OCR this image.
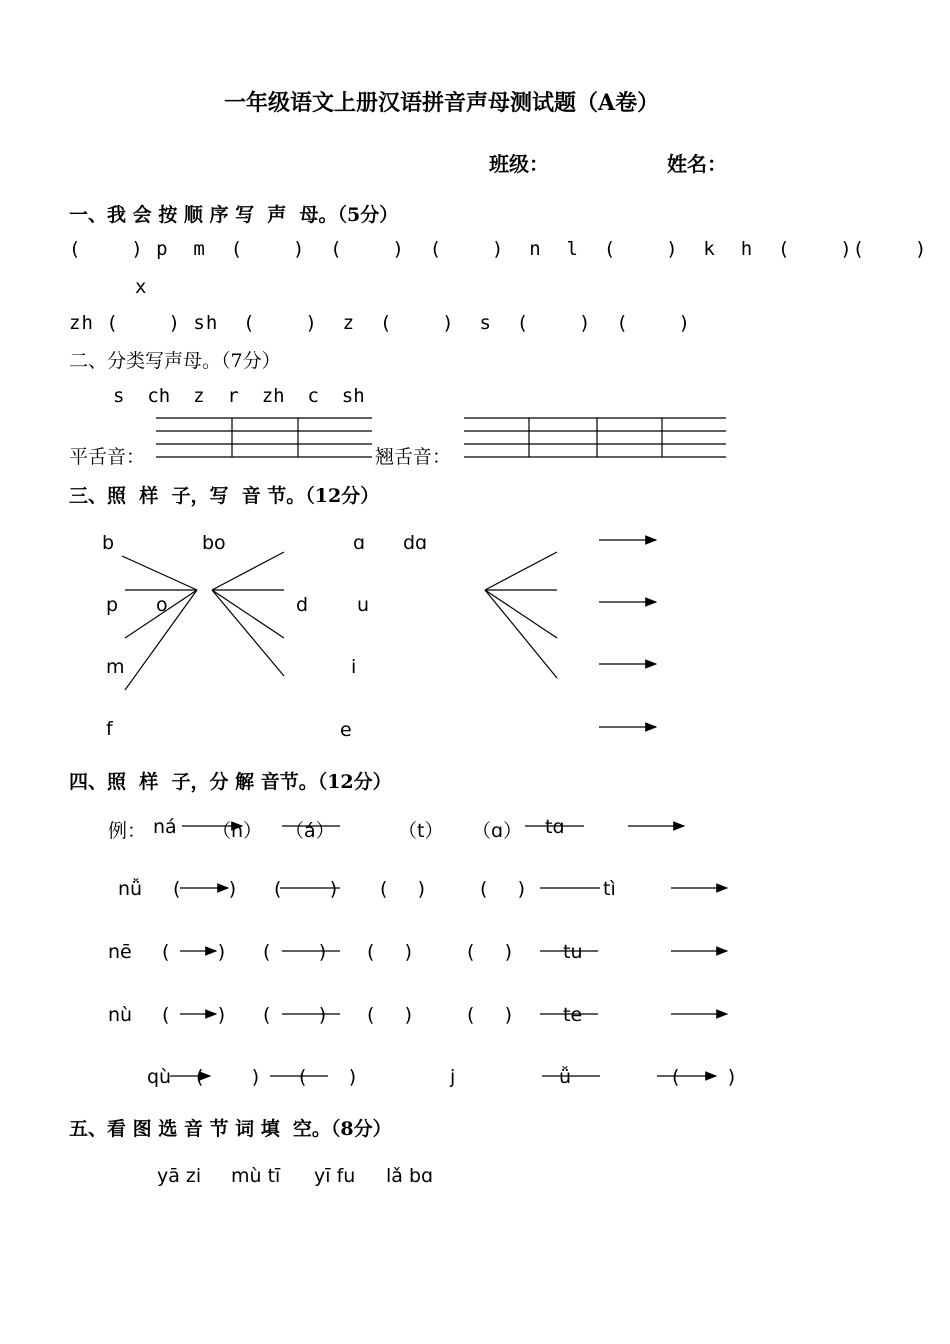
一年级语文上册汉语拼音声母测试题（A卷）
班级：	姓名：
一、我 会 按 顺 序 写  声  母。（5分）
(    ) p  m  (    )  (    )  (    )  n  l  (    )  k  h  (    )(    )
x
zh (    ) sh  (    )  z  (    )  s  (    )  (    )
二、分类写声母。（7分）
s  ch  z  r  zh  c  sh
平舌音：	翘舌音：
三、照  样  子，写  音 节。（12分）
b
p
m
f
bo
o	d
ɑ dɑ
u
i
e
四、照  样  子，分 解 音节。（12分）
例： ná （n） （á）	（t） （ɑ） tɑ
nǚ	tì
nē	tu
nù	te
qù	j	ǚ
五、看 图 选 音 节 词 填  空。（8分）
yā zi mù tī yī fu lǎ bɑ
(        ) (        ) (     )	(     )
(        ) (        ) (     )	(     )
(        ) (        ) (     )	(     )
(        ) (       )	(        )
